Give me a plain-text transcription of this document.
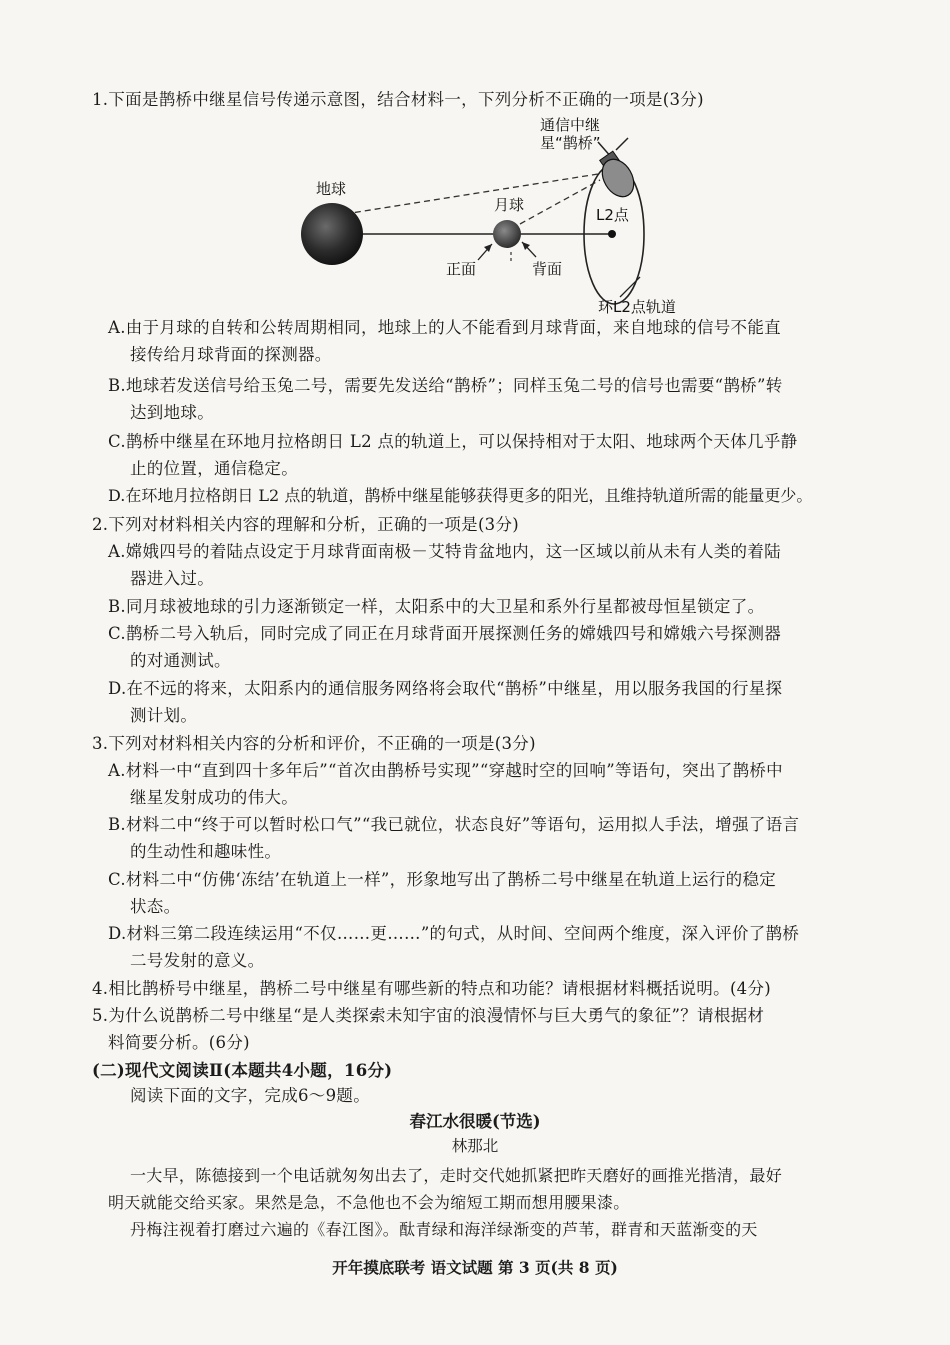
1.下面是鹊桥中继星信号传递示意图，结合材料一，下列分析不正确的一项是(3分)
通信中继
星“鹊桥”
地球
月球
L2点
正面	背面
环L2点轨道
A.由于月球的自转和公转周期相同，地球上的人不能看到月球背面，来自地球的信号不能直
接传给月球背面的探测器。
B.地球若发送信号给玉兔二号，需要先发送给“鹊桥”；同样玉兔二号的信号也需要“鹊桥”转
达到地球。
C.鹊桥中继星在环地月拉格朗日 L2 点的轨道上，可以保持相对于太阳、地球两个天体几乎静
止的位置，通信稳定。
D.在环地月拉格朗日 L2 点的轨道，鹊桥中继星能够获得更多的阳光，且维持轨道所需的能量更少。
2.下列对材料相关内容的理解和分析，正确的一项是(3分)
A.嫦娥四号的着陆点设定于月球背面南极－艾特肯盆地内，这一区域以前从未有人类的着陆
器进入过。
B.同月球被地球的引力逐渐锁定一样，太阳系中的大卫星和系外行星都被母恒星锁定了。
C.鹊桥二号入轨后，同时完成了同正在月球背面开展探测任务的嫦娥四号和嫦娥六号探测器
的对通测试。
D.在不远的将来，太阳系内的通信服务网络将会取代“鹊桥”中继星，用以服务我国的行星探
测计划。
3.下列对材料相关内容的分析和评价，不正确的一项是(3分)
A.材料一中“直到四十多年后”“首次由鹊桥号实现”“穿越时空的回响”等语句，突出了鹊桥中
继星发射成功的伟大。
B.材料二中“终于可以暂时松口气”“我已就位，状态良好”等语句，运用拟人手法，增强了语言
的生动性和趣味性。
C.材料二中“仿佛‘冻结’在轨道上一样”，形象地写出了鹊桥二号中继星在轨道上运行的稳定
状态。
D.材料三第二段连续运用“不仅……更……”的句式，从时间、空间两个维度，深入评价了鹊桥
二号发射的意义。
4.相比鹊桥号中继星，鹊桥二号中继星有哪些新的特点和功能？请根据材料概括说明。(4分)
5.为什么说鹊桥二号中继星“是人类探索未知宇宙的浪漫情怀与巨大勇气的象征”？请根据材
料简要分析。(6分)
(二)现代文阅读Ⅱ(本题共4小题，16分)
阅读下面的文字，完成6～9题。
春江水很暖(节选)
林那北
一大早，陈德接到一个电话就匆匆出去了，走时交代她抓紧把昨天磨好的画推光揩清，最好
明天就能交给买家。果然是急，不急他也不会为缩短工期而想用腰果漆。
丹梅注视着打磨过六遍的《春江图》。酞青绿和海洋绿渐变的芦苇，群青和天蓝渐变的天
开年摸底联考 语文试题 第 3 页(共 8 页)
